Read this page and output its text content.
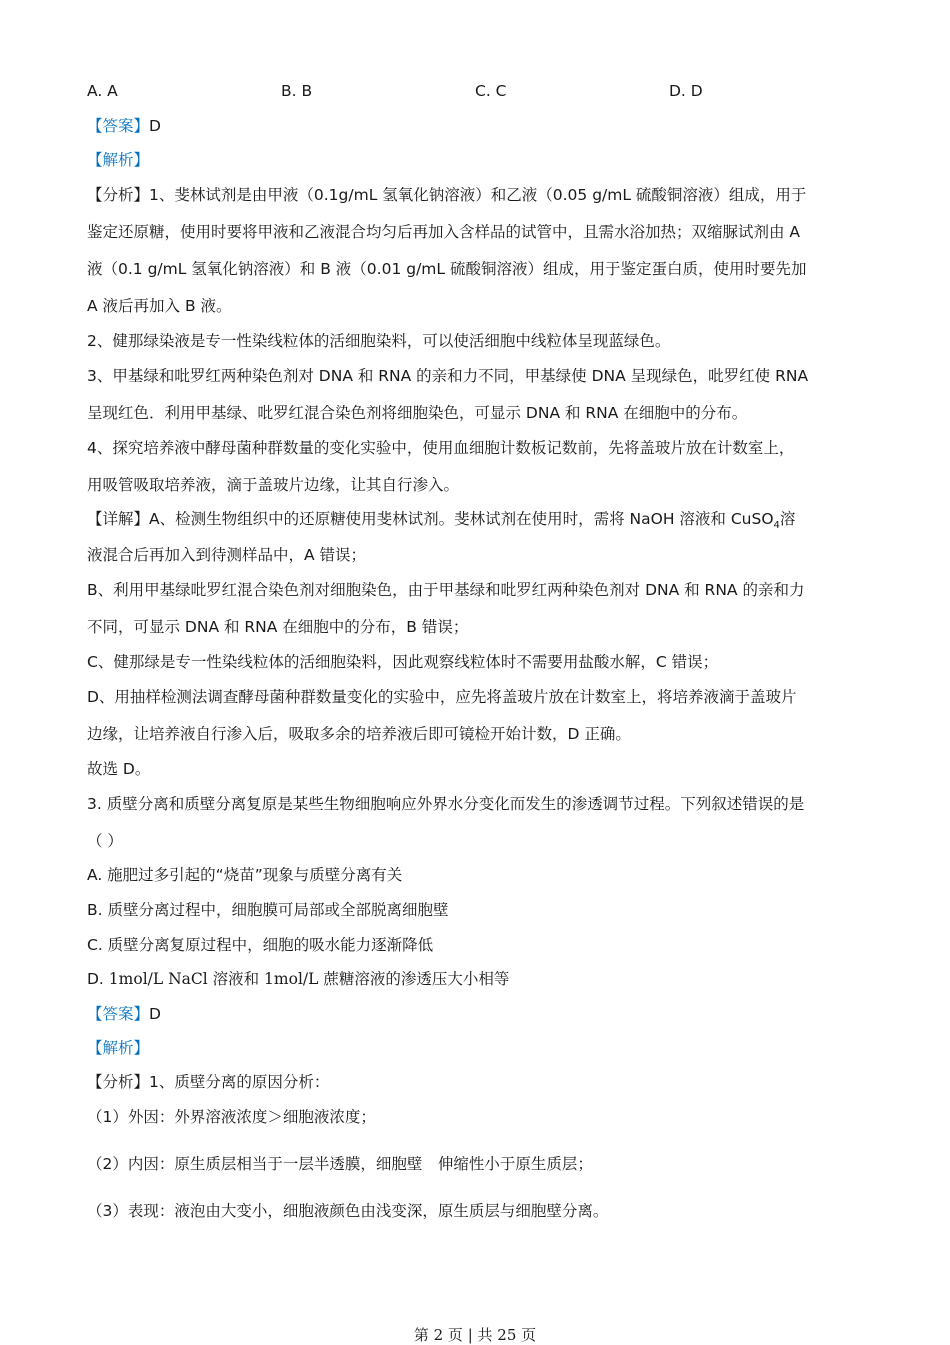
A. A	B. B	C. C	D. D
【答案】D
【解析】
【分析】1、斐林试剂是由甲液（0.1g/mL 氢氧化钠溶液）和乙液（0.05 g/mL 硫酸铜溶液）组成，用于
鉴定还原糖，使用时要将甲液和乙液混合均匀后再加入含样品的试管中，且需水浴加热；双缩脲试剂由 A
液（0.1 g/mL 氢氧化钠溶液）和 B 液（0.01 g/mL 硫酸铜溶液）组成，用于鉴定蛋白质，使用时要先加
A 液后再加入 B 液。
2、健那绿染液是专一性染线粒体的活细胞染料，可以使活细胞中线粒体呈现蓝绿色。
3、甲基绿和吡罗红两种染色剂对 DNA 和 RNA 的亲和力不同，甲基绿使 DNA 呈现绿色，吡罗红使 RNA
呈现红色．利用甲基绿、吡罗红混合染色剂将细胞染色，可显示 DNA 和 RNA 在细胞中的分布。
4、探究培养液中酵母菌种群数量的变化实验中，使用血细胞计数板记数前，先将盖玻片放在计数室上，
用吸管吸取培养液，滴于盖玻片边缘，让其自行渗入。
【详解】A、检测生物组织中的还原糖使用斐林试剂。斐林试剂在使用时，需将 NaOH 溶液和 CuSO$_4$溶
液混合后再加入到待测样品中，A 错误；
B、利用甲基绿吡罗红混合染色剂对细胞染色，由于甲基绿和吡罗红两种染色剂对 DNA 和 RNA 的亲和力
不同，可显示 DNA 和 RNA 在细胞中的分布，B 错误；
C、健那绿是专一性染线粒体的活细胞染料，因此观察线粒体时不需要用盐酸水解，C 错误；
D、用抽样检测法调查酵母菌种群数量变化的实验中，应先将盖玻片放在计数室上，将培养液滴于盖玻片
边缘，让培养液自行渗入后，吸取多余的培养液后即可镜检开始计数，D 正确。
故选 D。
3. 质壁分离和质壁分离复原是某些生物细胞响应外界水分变化而发生的渗透调节过程。下列叙述错误的是
（ ）
A. 施肥过多引起的“烧苗”现象与质壁分离有关
B. 质壁分离过程中，细胞膜可局部或全部脱离细胞壁
C. 质壁分离复原过程中，细胞的吸水能力逐渐降低
D. 1mol/L NaCl 溶液和 1mol/L 蔗糖溶液的渗透压大小相等
【答案】D
【解析】
【分析】1、质壁分离的原因分析：
（1）外因：外界溶液浓度＞细胞液浓度；
（2）内因：原生质层相当于一层半透膜，细胞壁　伸缩性小于原生质层；
（3）表现：液泡由大变小，细胞液颜色由浅变深，原生质层与细胞壁分离。
第 2 页 | 共 25 页
